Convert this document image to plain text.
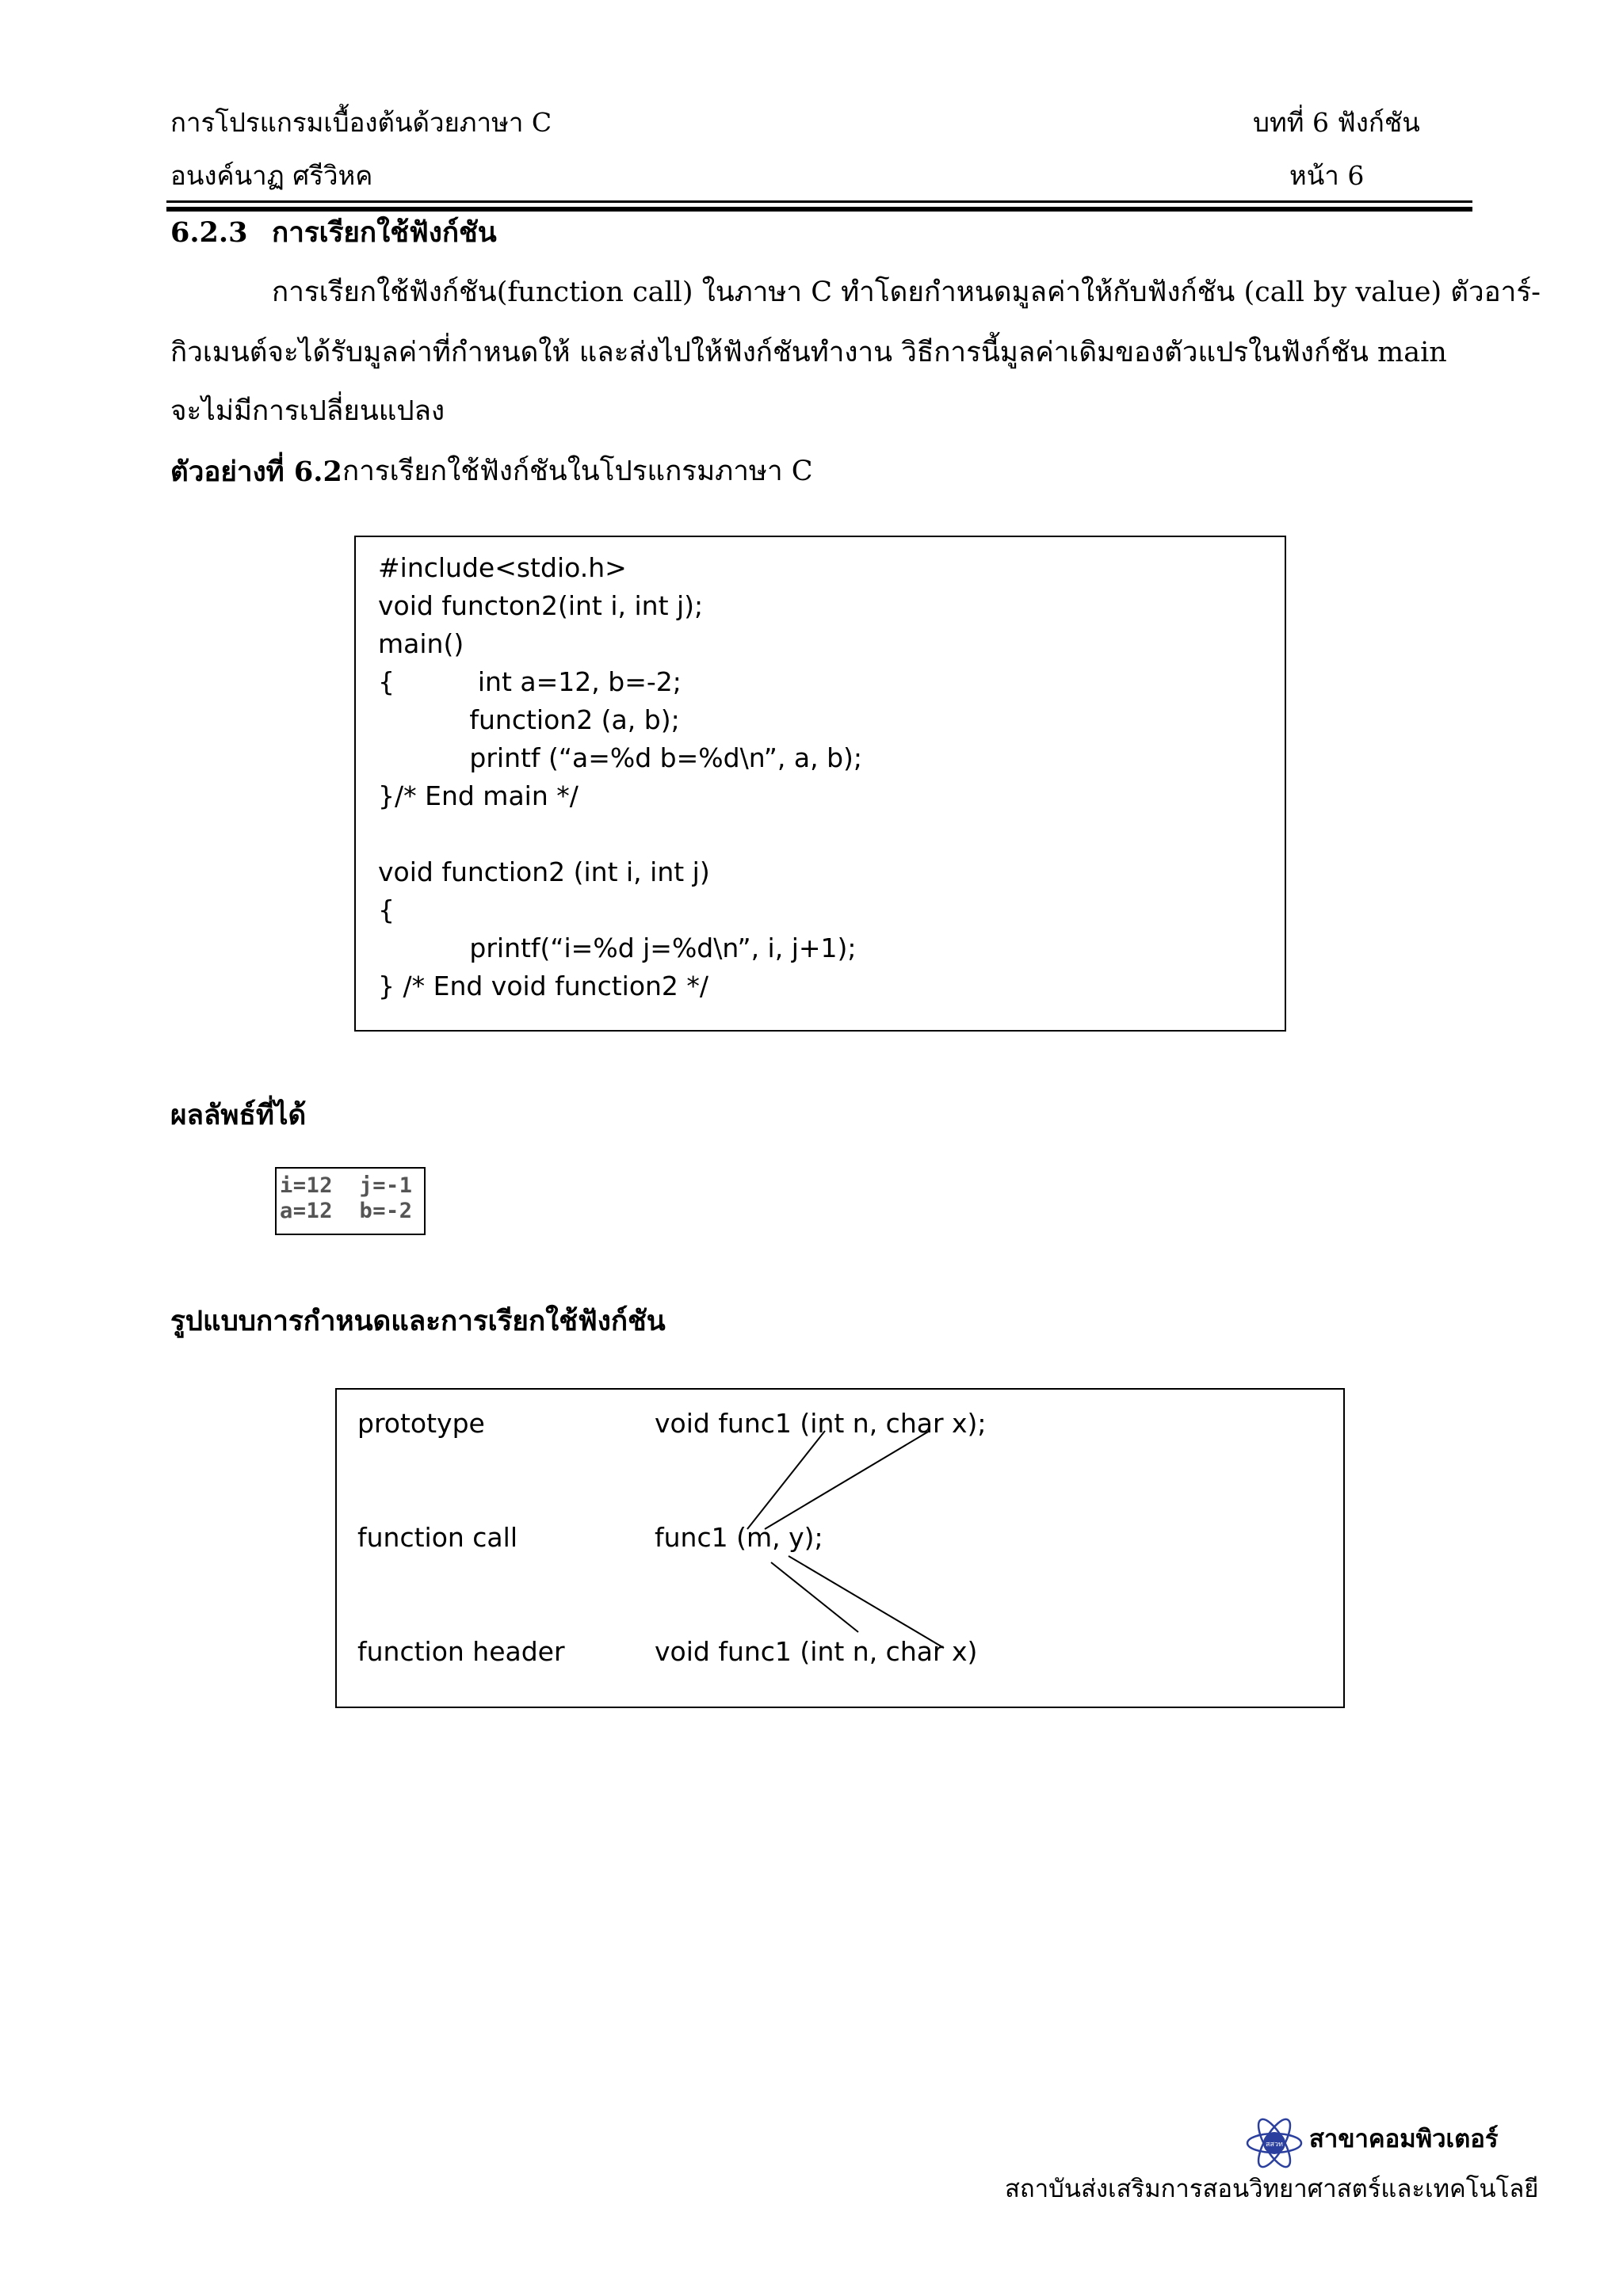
การโปรแกรมเบื้องต้นด้วยภาษา C
อนงค์นาฏ ศรีวิหค
บทที่ 6 ฟังก์ชัน
หน้า 6
6.2.3 การเรียกใช้ฟังก์ชัน
การเรียกใช้ฟังก์ชัน(function call) ในภาษา C ทำโดยกำหนดมูลค่าให้กับฟังก์ชัน (call by value) ตัวอาร์-
กิวเมนต์จะได้รับมูลค่าที่กำหนดให้ และส่งไปให้ฟังก์ชันทำงาน วิธีการนี้มูลค่าเดิมของตัวแปรในฟังก์ชัน main
จะไม่มีการเปลี่ยนแปลง
ตัวอย่างที่ 6.2 การเรียกใช้ฟังก์ชันในโปรแกรมภาษา C
#include<stdio.h>
void functon2(int i, int j);
main()
{          int a=12, b=-2;
function2 (a, b);
printf (“a=%d b=%d\n”, a, b);
}/* End main */
void function2 (int i, int j)
{
printf(“i=%d j=%d\n”, i, j+1);
} /* End void function2 */
ผลลัพธ์ที่ได้
i=12  j=-1
a=12  b=-2
รูปแบบการกำหนดและการเรียกใช้ฟังก์ชัน
prototype	void func1 (int n, char x);
function call	func1 (m, y);
function header	void func1 (int n, char x)
สสวท สาขาคอมพิวเตอร์
สถาบันส่งเสริมการสอนวิทยาศาสตร์และเทคโนโลยี
